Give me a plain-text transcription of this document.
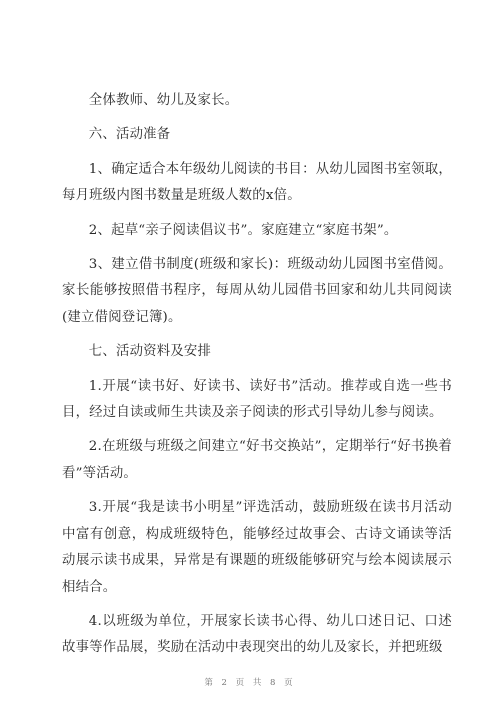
全体教师、幼儿及家长。

六、活动准备

1、确定适合本年级幼儿阅读的书目：从幼儿园图书室领取，每月班级内图书数量是班级人数的x倍。

2、起草“亲子阅读倡议书”。家庭建立“家庭书架”。

3、建立借书制度(班级和家长)：班级动幼儿园图书室借阅。家长能够按照借书程序，每周从幼儿园借书回家和幼儿共同阅读(建立借阅登记簿)。

七、活动资料及安排

1.开展“读书好、好读书、读好书”活动。推荐或自选一些书目，经过自读或师生共读及亲子阅读的形式引导幼儿参与阅读。

2.在班级与班级之间建立“好书交换站”，定期举行“好书换着看”等活动。

3.开展“我是读书小明星”评选活动，鼓励班级在读书月活动中富有创意，构成班级特色，能够经过故事会、古诗文诵读等活动展示读书成果，异常是有课题的班级能够研究与绘本阅读展示相结合。

4.以班级为单位，开展家长读书心得、幼儿口述日记、口述故事等作品展，奖励在活动中表现突出的幼儿及家长，并把班级

第 2 页 共 8 页
